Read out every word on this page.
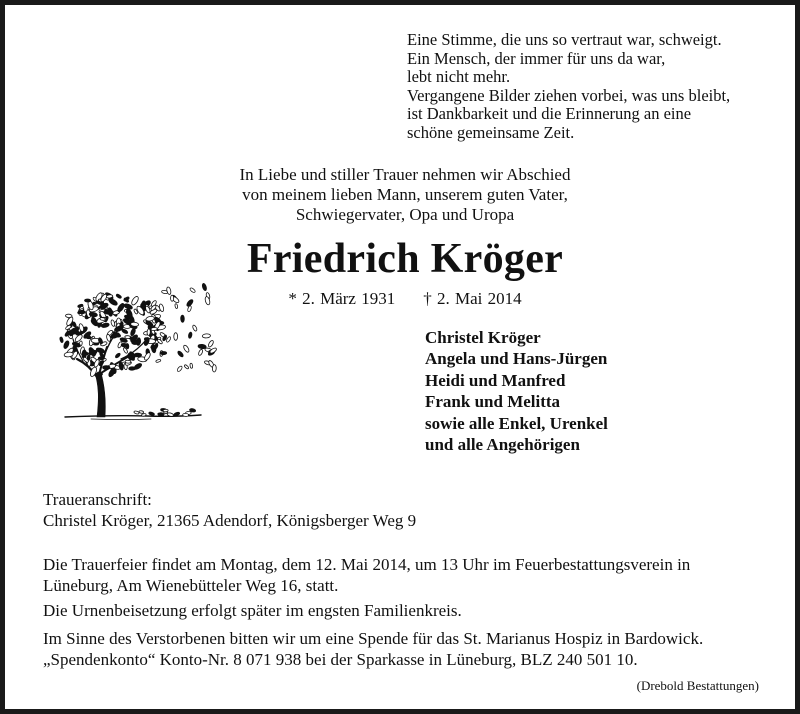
Eine Stimme, die uns so vertraut war, schweigt.
Ein Mensch, der immer für uns da war,
lebt nicht mehr.
Vergangene Bilder ziehen vorbei, was uns bleibt,
ist Dankbarkeit und die Erinnerung an eine
schöne gemeinsame Zeit.
In Liebe und stiller Trauer nehmen wir Abschied
von meinem lieben Mann, unserem guten Vater,
Schwiegervater, Opa und Uropa
Friedrich Kröger
* 2. März 1931 † 2. Mai 2014
Christel Kröger
Angela und Hans-Jürgen
Heidi und Manfred
Frank und Melitta
sowie alle Enkel, Urenkel
und alle Angehörigen
Traueranschrift:
Christel Kröger, 21365 Adendorf, Königsberger Weg 9
Die Trauerfeier findet am Montag, dem 12. Mai 2014, um 13 Uhr im Feuerbestattungsverein in
Lüneburg, Am Wienebütteler Weg 16, statt.
Die Urnenbeisetzung erfolgt später im engsten Familienkreis.
Im Sinne des Verstorbenen bitten wir um eine Spende für das St. Marianus Hospiz in Bardowick.
„Spendenkonto“ Konto-Nr. 8 071 938 bei der Sparkasse in Lüneburg, BLZ 240 501 10.
(Drebold Bestattungen)
